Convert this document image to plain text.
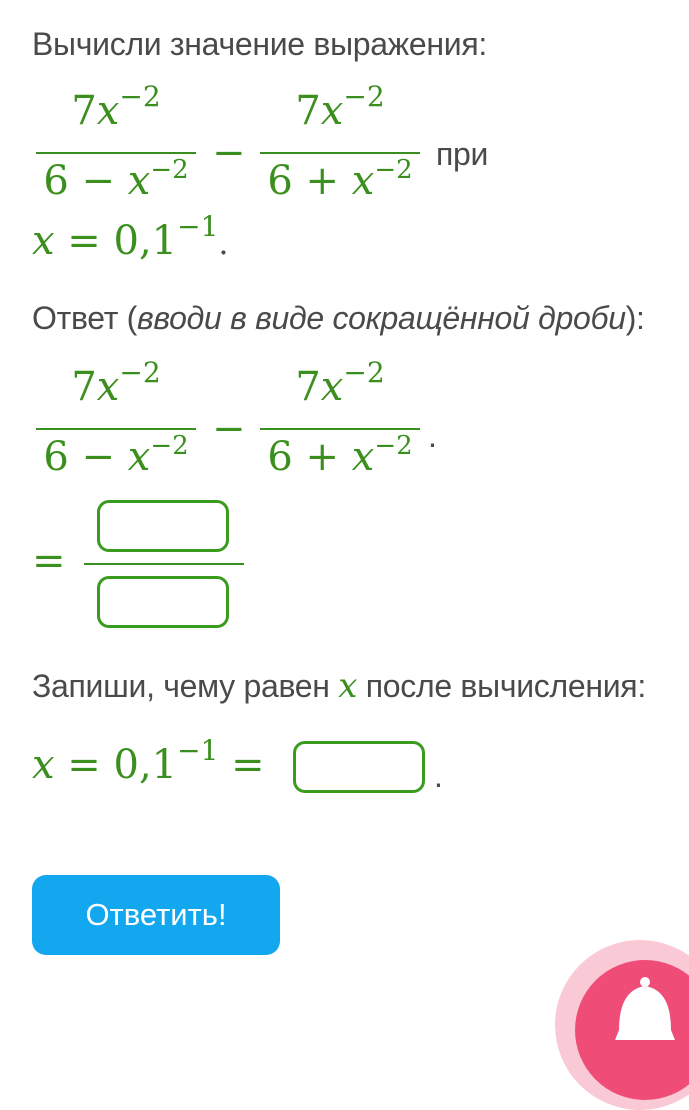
Вычисли значение выражения:
$7x^{-2}$
$6 - x^{-2}$ −
$7x^{-2}$
$6 + x^{-2}$ при
$x = 0,1^{-1}$.
Ответ (вводи в виде сокращённой дроби):
$7x^{-2}$
$6 - x^{-2}$ −
$7x^{-2}$
$6 + x^{-2}$ .
=
Запиши, чему равен x после вычисления:
$x = 0,1^{-1}$ =	.
Ответить!
